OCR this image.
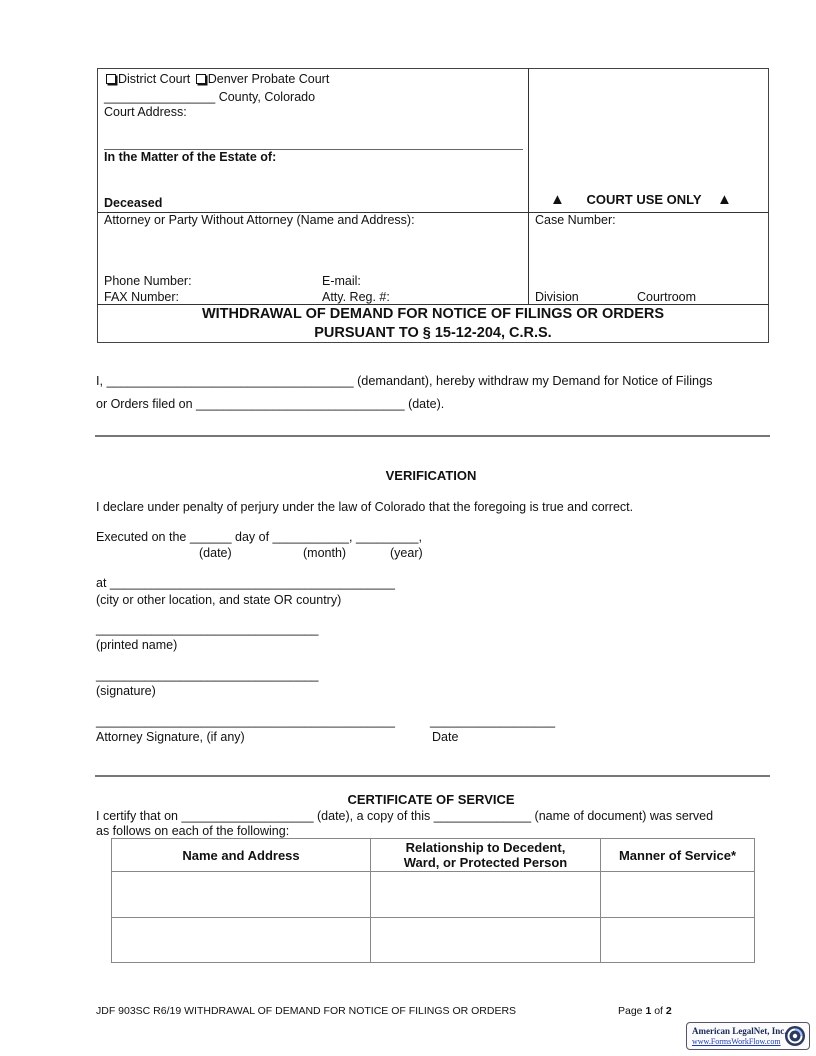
District Court Denver Probate Court
________________ County, Colorado
Court Address:
In the Matter of the Estate of:
Deceased	▲ COURT USE ONLY ▲
Attorney or Party Without Attorney (Name and Address):
Phone Number:	E-mail:
FAX Number:	Atty. Reg. #:
Case Number:
Division	Courtroom
WITHDRAWAL OF DEMAND FOR NOTICE OF FILINGS OR ORDERS
PURSUANT TO § 15-12-204, C.R.S.
I, ___________________________________ (demandant), hereby withdraw my Demand for Notice of Filings
or Orders filed on ______________________________ (date).
VERIFICATION
I declare under penalty of perjury under the law of Colorado that the foregoing is true and correct.
Executed on the ______ day of ___________, _________,
(date)	(month)	(year)
at _________________________________________
(city or other location, and state OR country)
________________________________
(printed name)
________________________________
(signature)
___________________________________________	__________________
Attorney Signature, (if any)	Date
CERTIFICATE OF SERVICE
I certify that on ___________________ (date), a copy of this ______________ (name of document) was served
as follows on each of the following:
Name and Address	Relationship to Decedent, Ward, or Protected Person	Manner of Service*

JDF 903SC R6/19 WITHDRAWAL OF DEMAND FOR NOTICE OF FILINGS OR ORDERS	Page 1 of 2
American LegalNet, Inc.
www.FormsWorkFlow.com
